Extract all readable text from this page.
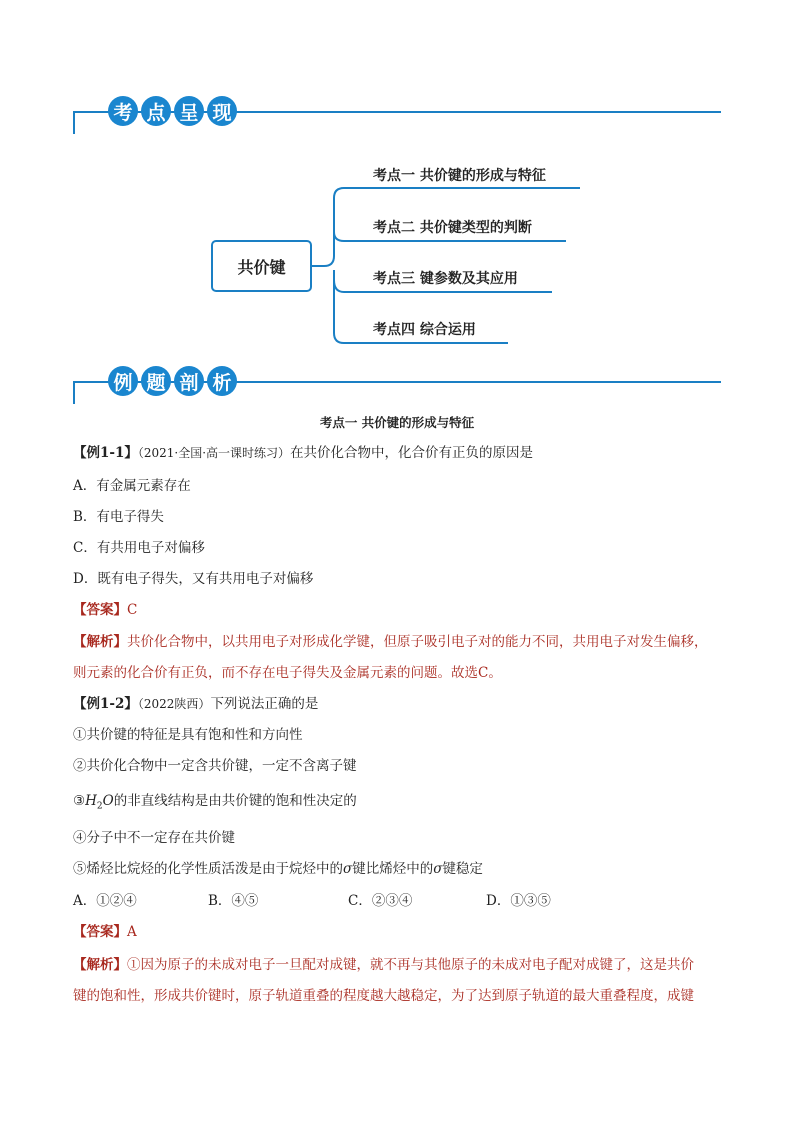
考 点 呈 现
共价键
考点一 共价键的形成与特征
考点二 共价键类型的判断
考点三 键参数及其应用
考点四 综合运用
例 题 剖 析
考点一 共价键的形成与特征
【例1-1】（2021·全国·高一课时练习）在共价化合物中，化合价有正负的原因是
A．有金属元素存在
B．有电子得失
C．有共用电子对偏移
D．既有电子得失，又有共用电子对偏移
【答案】C
【解析】共价化合物中，以共用电子对形成化学键，但原子吸引电子对的能力不同，共用电子对发生偏移，
则元素的化合价有正负，而不存在电子得失及金属元素的问题。故选C。
【例1-2】（2022陕西）下列说法正确的是
①共价键的特征是具有饱和性和方向性
②共价化合物中一定含共价键，一定不含离子键
$③H_2O$的非直线结构是由共价键的饱和性决定的
④分子中不一定存在共价键
⑤烯烃比烷烃的化学性质活泼是由于烷烃中的σ键比烯烃中的σ键稳定
A．①②④	B．④⑤	C．②③④	D．①③⑤
【答案】A
【解析】①因为原子的未成对电子一旦配对成键，就不再与其他原子的未成对电子配对成键了，这是共价
键的饱和性，形成共价键时，原子轨道重叠的程度越大越稳定，为了达到原子轨道的最大重叠程度，成键
